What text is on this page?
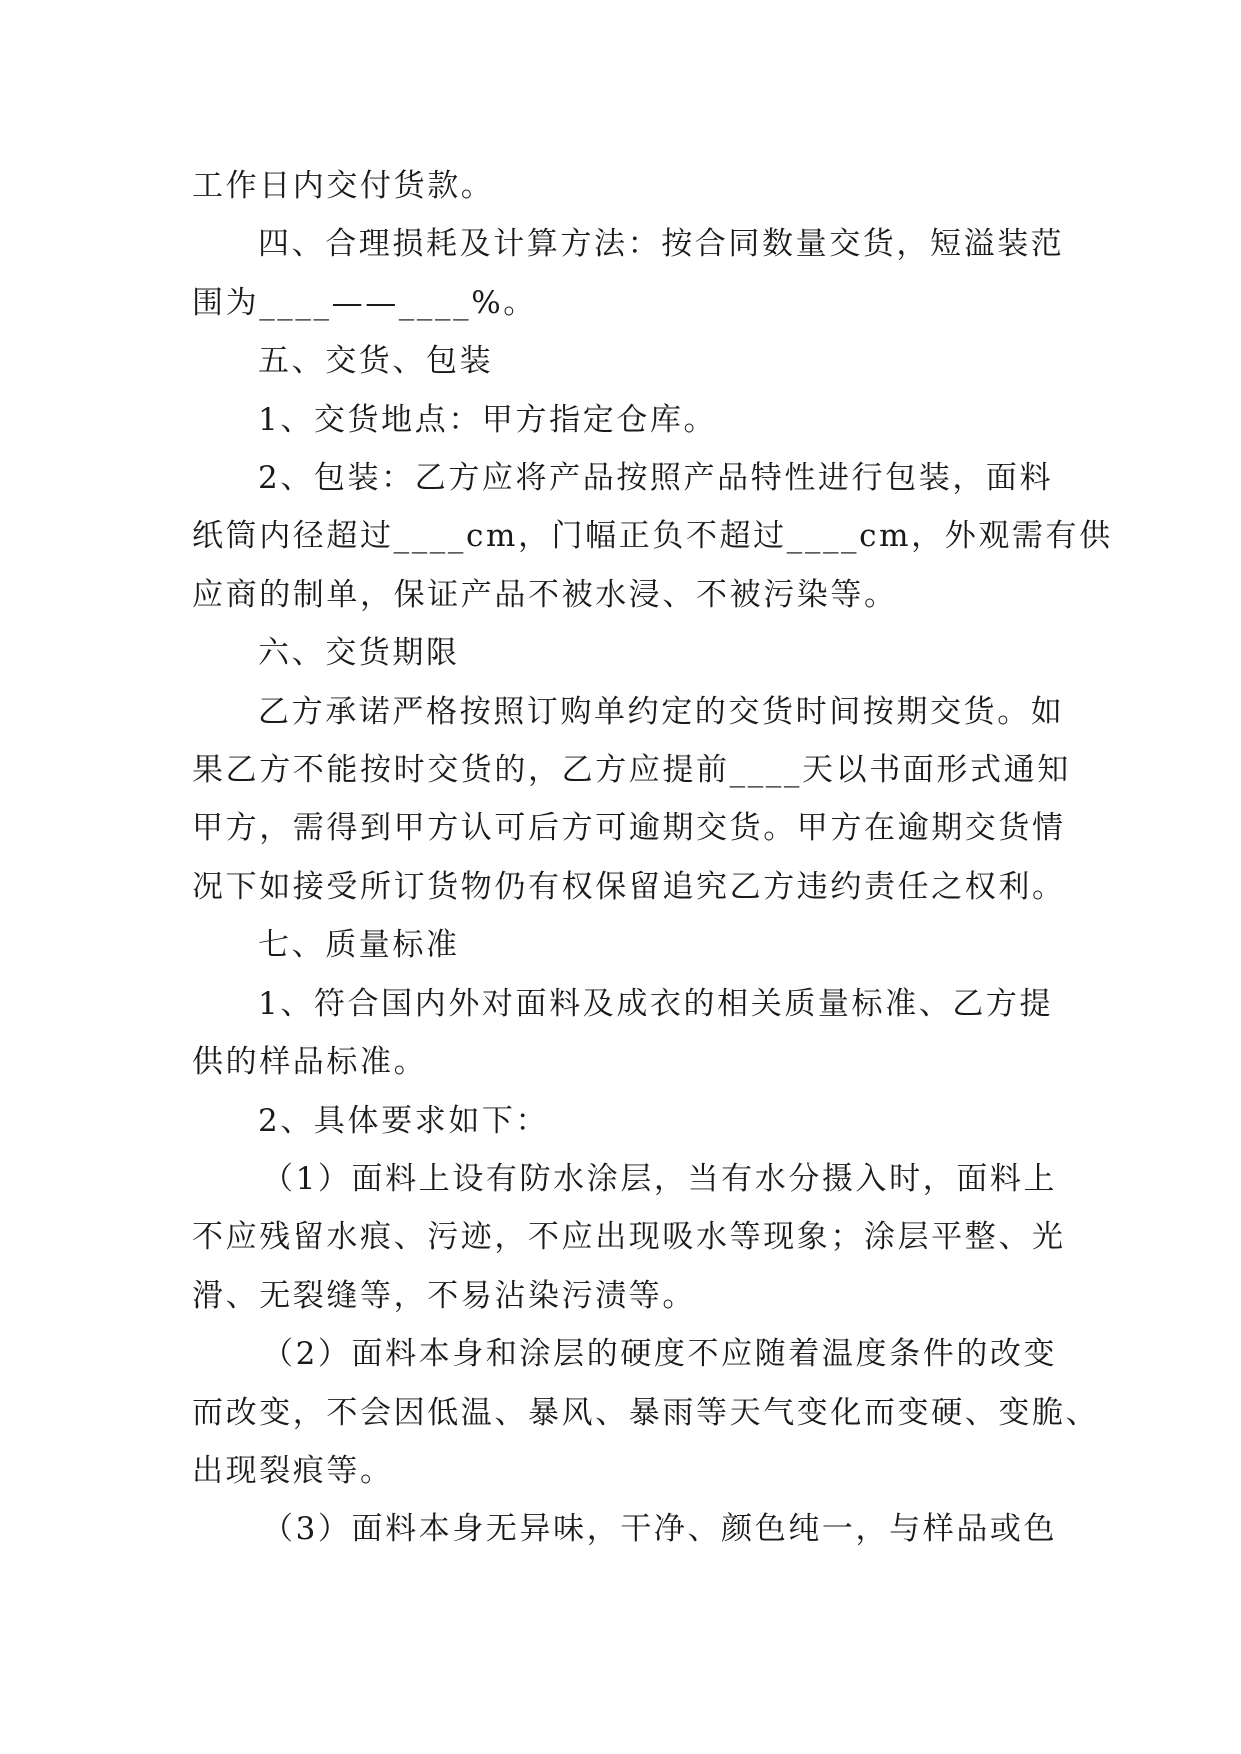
工作日内交付货款。

四、合理损耗及计算方法：按合同数量交货，短溢装范

围为____——____%。

五、交货、包装

1、交货地点：甲方指定仓库。

2、包装：乙方应将产品按照产品特性进行包装，面料

纸筒内径超过____cm，门幅正负不超过____cm，外观需有供

应商的制单，保证产品不被水浸、不被污染等。

六、交货期限

乙方承诺严格按照订购单约定的交货时间按期交货。如

果乙方不能按时交货的，乙方应提前____天以书面形式通知

甲方，需得到甲方认可后方可逾期交货。甲方在逾期交货情

况下如接受所订货物仍有权保留追究乙方违约责任之权利。

七、质量标准

1、符合国内外对面料及成衣的相关质量标准、乙方提

供的样品标准。

2、具体要求如下：

（1）面料上设有防水涂层，当有水分摄入时，面料上

不应残留水痕、污迹，不应出现吸水等现象；涂层平整、光

滑、无裂缝等，不易沾染污渍等。

（2）面料本身和涂层的硬度不应随着温度条件的改变

而改变，不会因低温、暴风、暴雨等天气变化而变硬、变脆、

出现裂痕等。

（3）面料本身无异味，干净、颜色纯一，与样品或色
